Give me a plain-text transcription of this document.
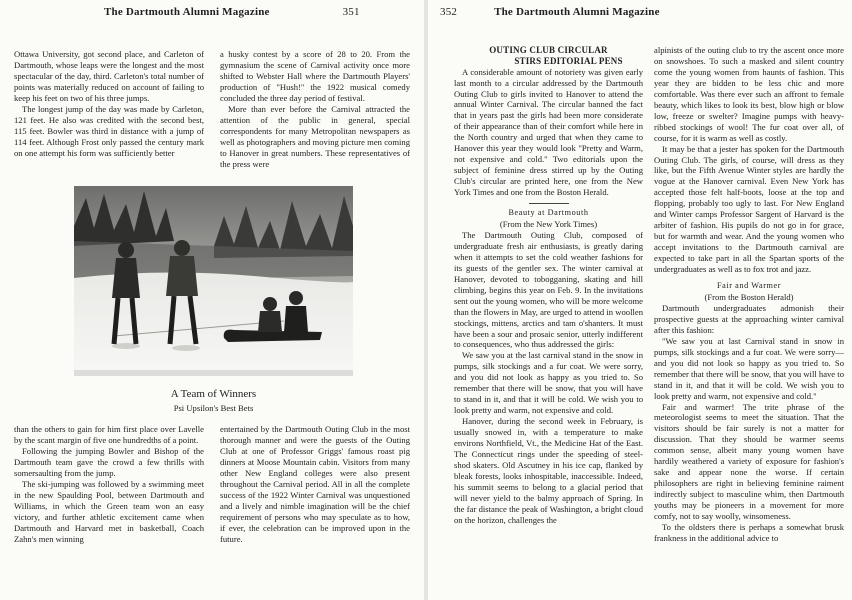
The Dartmouth Alumni Magazine	351

Ottawa University, got second place, and Carleton of Dartmouth, whose leaps were the longest and the most spectacular of the day, third. Carleton's total number of points was materially reduced on account of failing to keep his feet on two of his three jumps.

The longest jump of the day was made by Carleton, 121 feet. He also was credited with the second best, 115 feet. Bowler was third in distance with a jump of 114 feet. Although Frost only passed the century mark on one attempt his form was sufficiently better

a husky contest by a score of 28 to 20. From the gymnasium the scene of Carnival activity once more shifted to Webster Hall where the Dartmouth Players' production of "Hush!" the 1922 musical comedy concluded the three day period of festival.

More than ever before the Carnival attracted the attention of the public in general, special correspondents for many Metropolitan newspapers as well as photographers and moving picture men coming to Hanover in great numbers. These representatives of the press were

A Team of Winners
Psi Upsilon's Best Bets

than the others to gain for him first place over Lavelle by the scant margin of five one hundredths of a point.

Following the jumping Bowler and Bishop of the Dartmouth team gave the crowd a few thrills with somersaulting from the jump.

The ski-jumping was followed by a swimming meet in the new Spaulding Pool, between Dartmouth and Williams, in which the Green team won an easy victory, and further athletic excitement came when Dartmouth and Harvard met in basketball, Coach Zahn's men winning

entertained by the Dartmouth Outing Club in the most thorough manner and were the guests of the Outing Club at one of Professor Griggs' famous roast pig dinners at Moose Mountain cabin. Visitors from many other New England colleges were also present throughout the Carnival period. All in all the complete success of the 1922 Winter Carnival was unquestioned and a lively and nimble imagination will be the chief requirement of persons who may speculate as to how, if ever, the celebration can be improved upon in the future.

352	The Dartmouth Alumni Magazine
OUTING CLUB CIRCULAR
STIRS EDITORIAL PENS

A considerable amount of notoriety was given early last month to a circular addressed by the Dartmouth Outing Club to girls invited to Hanover to attend the annual Winter Carnival. The circular banned the fact that in years past the girls had been more considerate of their appearance than of their comfort while here in the North country and urged that when they came to Hanover this year they would look "Pretty and Warm, not expensive and cold." Two editorials upon the subject of feminine dress stirred up by the Outing Club's circular are printed here, one from the New York Times and one from the Boston Herald.

Beauty at Dartmouth

(From the New York Times)

The Dartmouth Outing Club, composed of undergraduate fresh air enthusiasts, is greatly daring when it attempts to set the cold weather fashions for its guests of the gentler sex. The winter carnival at Hanover, devoted to tobogganing, skating and hill climbing, begins this year on Feb. 9. In the invitations sent out the young women, who will be more welcome than the flowers in May, are urged to attend in woollen stockings, mittens, arctics and tam o'shanters. It must have been a sour and prosaic senior, utterly indifferent to consequences, who thus addressed the girls:

We saw you at the last carnival stand in the snow in pumps, silk stockings and a fur coat. We were sorry, and you did not look as happy as you tried to. So remember that there will be snow, that you will have to stand in it, and that it will be cold. We wish you to look pretty and warm, not expensive and cold.

Hanover, during the second week in February, is usually snowed in, with a temperature to make environs Northfield, Vt., the Medicine Hat of the East. The Connecticut rings under the speeding of steel-shod skaters. Old Ascutney in his ice cap, flanked by bleak forests, looks inhospitable, inaccessible. Indeed, his summit seems to belong to a glacial period that will never yield to the balmy approach of Spring. In the far distance the peak of Washington, a bright cloud on the horizon, challenges the

alpinists of the outing club to try the ascent once more on snowshoes. To such a masked and silent country come the young women from haunts of fashion. This year they are bidden to be less chic and more comfortable. Was there ever such an affront to female beauty, which likes to look its best, blow high or blow low, freeze or swelter? Imagine pumps with heavy-ribbed stockings of wool! The fur coat over all, of course, for it is warm as well as costly.

It may be that a jester has spoken for the Dartmouth Outing Club. The girls, of course, will dress as they like, but the Fifth Avenue Winter styles are hardly the vogue at the Hanover carnival. Even New York has accepted those felt half-boots, loose at the top and flopping, probably too ugly to last. For New England and Winter camps Professor Sargent of Harvard is the arbiter of fashion. His pupils do not go in for grace, but for warmth and wear. And the young women who accept invitations to the Dartmouth carnival are expected to take part in all the Spartan sports of the undergraduates as well as to fox trot and jazz.

Fair and Warmer

(From the Boston Herald)

Dartmouth undergraduates admonish their prospective guests at the approaching winter carnival after this fashion:

"We saw you at last Carnival stand in snow in pumps, silk stockings and a fur coat. We were sorry—and you did not look so happy as you tried to. So remember that there will be snow, that you will have to stand in it, and that it will be cold. We wish you to look pretty and warm, not expensive and cold."

Fair and warmer! The trite phrase of the meteorologist seems to meet the situation. That the visitors should be fair surely is not a matter for discussion. That they should be warmer seems common sense, albeit many young women have hardily weathered a variety of exposure for fashion's sake and appear none the worse. If certain philosophers are right in believing feminine raiment indirectly subject to masculine whim, then Dartmouth youths may be pioneers in a movement for more comfy, not to say woolly, winsomeness.

To the oldsters there is perhaps a somewhat brusk frankness in the additional advice to
